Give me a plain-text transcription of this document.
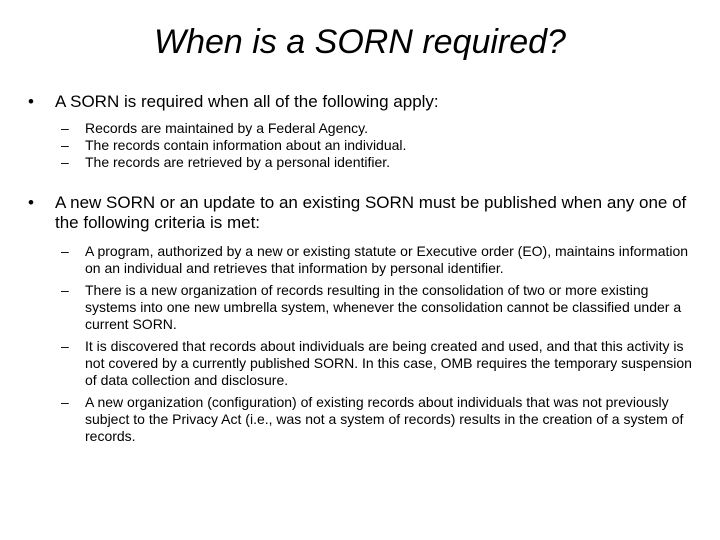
When is a SORN required?
•	A SORN is required when all of the following apply:
– Records are maintained by a Federal Agency.
– The records contain information about an individual.
– The records are retrieved by a personal identifier.
•	A new SORN or an update to an existing SORN must be published when any one of the following criteria is met:
– A program, authorized by a new or existing statute or Executive order (EO), maintains information on an individual and retrieves that information by personal identifier.
– There is a new organization of records resulting in the consolidation of two or more existing systems into one new umbrella system, whenever the consolidation cannot be classified under a current SORN.
– It is discovered that records about individuals are being created and used, and that this activity is not covered by a currently published SORN. In this case, OMB requires the temporary suspension of data collection and disclosure.
– A new organization (configuration) of existing records about individuals that was not previously subject to the Privacy Act (i.e., was not a system of records) results in the creation of a system of records.
